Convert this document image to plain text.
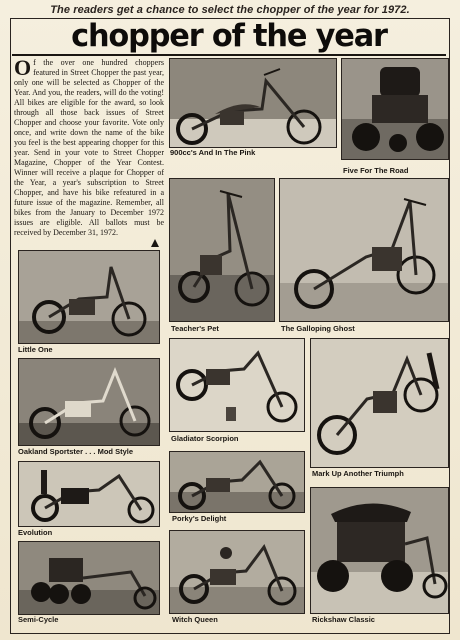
The readers get a chance to select the chopper of the year for 1972.
chopper of the year
Of the over one hundred choppers featured in Street Chopper the past year, only one will be selected as Chopper of the Year. And you, the readers, will do the voting! All bikes are eligible for the award, so look through all those back issues of Street Chopper and choose your favorite. Vote only once, and write down the name of the bike you feel is the best appearing chopper for this year. Send in your vote to Street Chopper Magazine, Chopper of the Year Contest. Winner will receive a plaque for Chopper of the Year, a year's subscription to Street Chopper, and have his bike refeatured in a future issue of the magazine. Remember, all bikes from the January to December 1972 issues are eligible. All ballots must be received by December 31, 1972.
900cc's And In The Pink
Five For The Road
Little One
Teacher's Pet	The Galloping Ghost
Oakland Sportster . . . Mod Style
Gladiator Scorpion
Mark Up Another Triumph
Evolution
Porky's Delight
Semi-Cycle	Witch Queen	Rickshaw Classic
